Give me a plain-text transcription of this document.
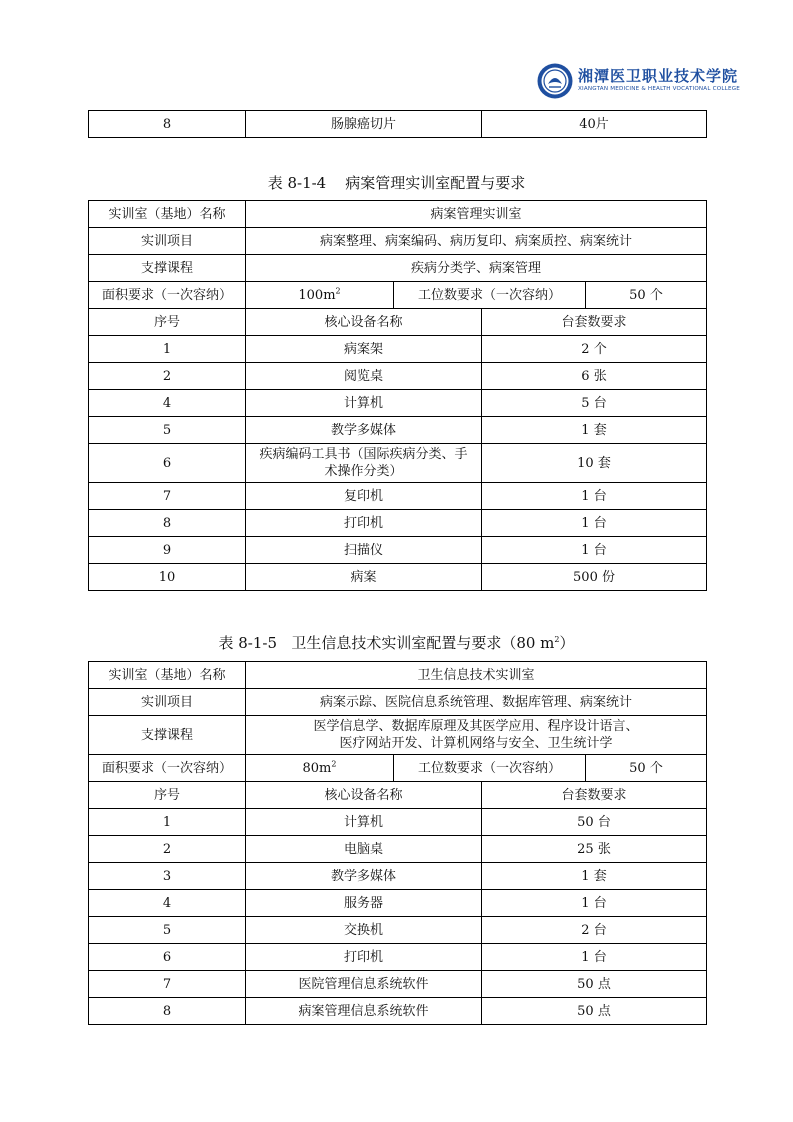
湘潭医卫职业技术学院
XIANGTAN MEDICINE & HEALTH VOCATIONAL COLLEGE
8	肠腺癌切片	40片
表 8-1-4    病案管理实训室配置与要求
实训室（基地）名称	病案管理实训室			
实训项目	病案整理、病案编码、病历复印、病案质控、病案统计			
支撑课程	疾病分类学、病案管理			
面积要求（一次容纳）	$100m^2$	工位数要求（一次容纳）		50 个
序号	核心设备名称		台套数要求	
1	病案架		2 个	
2	阅览桌		6 张	
4	计算机		5 台	
5	教学多媒体		1 套	
6	疾病编码工具书（国际疾病分类、手
术操作分类）		10 套	
7	复印机		1 台	
8	打印机		1 台	
9	扫描仪		1 台	
10	病案		500 份	
表 8-1-5   卫生信息技术实训室配置与要求（80 $m^2$）
实训室（基地）名称	卫生信息技术实训室			
实训项目	病案示踪、医院信息系统管理、数据库管理、病案统计			
支撑课程	医学信息学、数据库原理及其医学应用、程序设计语言、
医疗网站开发、计算机网络与安全、卫生统计学			

面积要求（一次容纳）	$80m^2$	工位数要求（一次容纳）		50 个
序号	核心设备名称		台套数要求	
1	计算机		50 台	
2	电脑桌		25 张	
3	教学多媒体		1 套	
4	服务器		1 台	
5	交换机		2 台	
6	打印机		1 台	
7	医院管理信息系统软件		50 点	
8	病案管理信息系统软件		50 点	
